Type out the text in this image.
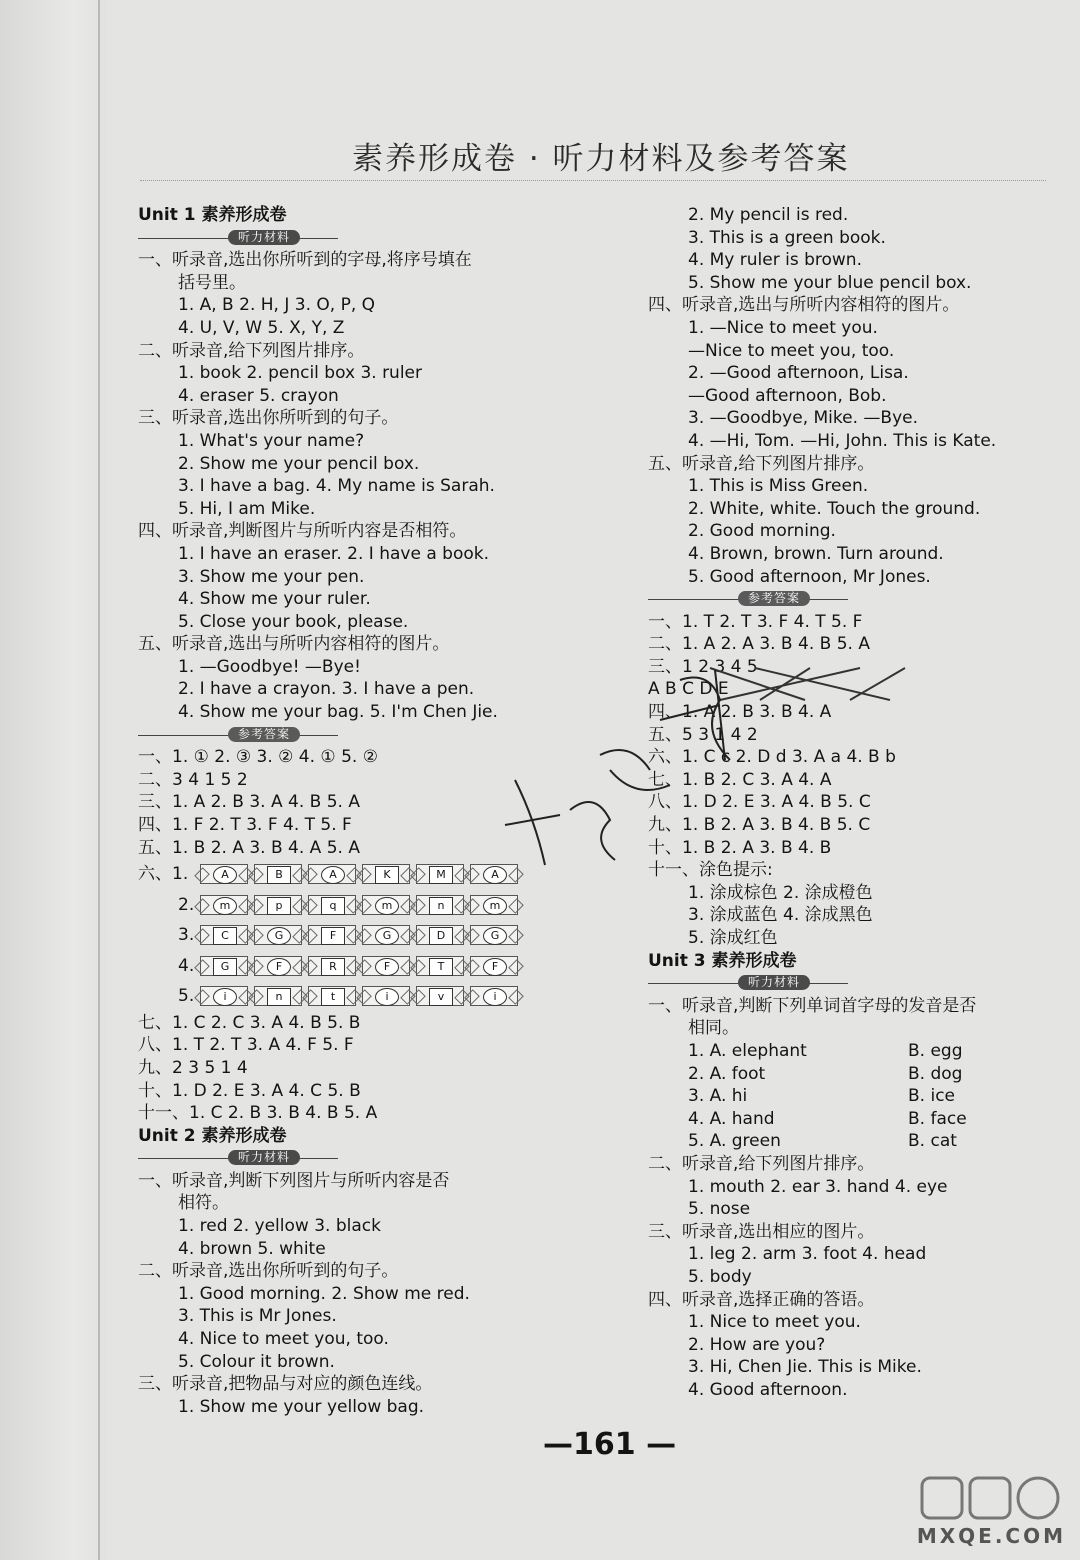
素养形成卷 · 听力材料及参考答案
Unit 1 素养形成卷
听力材料
一、听录音,选出你所听到的字母,将序号填在
括号里。
1. A, B 2. H, J 3. O, P, Q
4. U, V, W 5. X, Y, Z
二、听录音,给下列图片排序。
1. book 2. pencil box 3. ruler
4. eraser 5. crayon
三、听录音,选出你所听到的句子。
1. What's your name?
2. Show me your pencil box.
3. I have a bag. 4. My name is Sarah.
5. Hi, I am Mike.
四、听录音,判断图片与所听内容是否相符。
1. I have an eraser. 2. I have a book.
3. Show me your pen.
4. Show me your ruler.
5. Close your book, please.
五、听录音,选出与所听内容相符的图片。
1. —Goodbye! —Bye!
2. I have a crayon. 3. I have a pen.
4. Show me your bag. 5. I'm Chen Jie.
参考答案
一、1. ① 2. ③ 3. ② 4. ① 5. ②
二、3 4 1 5 2
三、1. A 2. B 3. A 4. B 5. A
四、1. F 2. T 3. F 4. T 5. F
五、1. B 2. A 3. B 4. A 5. A
六、1.	A	B	A	K	M	A
2.	m	p	q	m	n	m
3.	C	G	F	G	D	G
4.	G	F	R	F	T	F
5.	i	n	t	i	v	i
七、1. C 2. C 3. A 4. B 5. B
八、1. T 2. T 3. A 4. F 5. F
九、2 3 5 1 4
十、1. D 2. E 3. A 4. C 5. B
十一、1. C 2. B 3. B 4. B 5. A
Unit 2 素养形成卷
听力材料
一、听录音,判断下列图片与所听内容是否
相符。
1. red 2. yellow 3. black
4. brown 5. white
二、听录音,选出你所听到的句子。
1. Good morning. 2. Show me red.
3. This is Mr Jones.
4. Nice to meet you, too.
5. Colour it brown.
三、听录音,把物品与对应的颜色连线。
1. Show me your yellow bag.
2. My pencil is red.
3. This is a green book.
4. My ruler is brown.
5. Show me your blue pencil box.
四、听录音,选出与所听内容相符的图片。
1. —Nice to meet you.
—Nice to meet you, too.
2. —Good afternoon, Lisa.
—Good afternoon, Bob.
3. —Goodbye, Mike. —Bye.
4. —Hi, Tom. —Hi, John. This is Kate.
五、听录音,给下列图片排序。
1. This is Miss Green.
2. White, white. Touch the ground.
2. Good morning.
4. Brown, brown. Turn around.
5. Good afternoon, Mr Jones.
参考答案
一、1. T 2. T 3. F 4. T 5. F
二、1. A 2. A 3. B 4. B 5. A
三、1 2 3 4 5
A B C D E
四、1. A 2. B 3. B 4. A
五、5 3 1 4 2
六、1. C c 2. D d 3. A a 4. B b
七、1. B 2. C 3. A 4. A
八、1. D 2. E 3. A 4. B 5. C
九、1. B 2. A 3. B 4. B 5. C
十、1. B 2. A 3. B 4. B
十一、涂色提示:
1. 涂成棕色 2. 涂成橙色
3. 涂成蓝色 4. 涂成黑色
5. 涂成红色
Unit 3 素养形成卷
听力材料
一、听录音,判断下列单词首字母的发音是否
相同。
1. A. elephant	B. egg
2. A. foot	B. dog
3. A. hi	B. ice
4. A. hand	B. face
5. A. green	B. cat
二、听录音,给下列图片排序。
1. mouth 2. ear 3. hand 4. eye
5. nose
三、听录音,选出相应的图片。
1. leg 2. arm 3. foot 4. head
5. body
四、听录音,选择正确的答语。
1. Nice to meet you.
2. How are you?
3. Hi, Chen Jie. This is Mike.
4. Good afternoon.

—161 —

MXQE.COM
